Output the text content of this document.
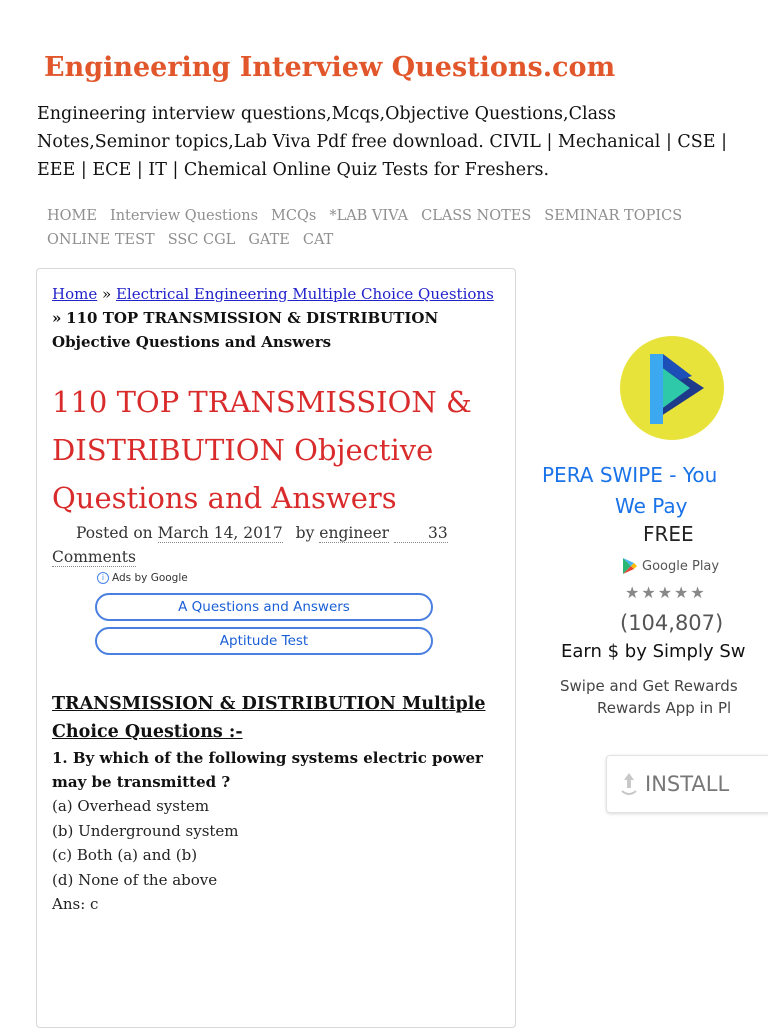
Engineering Interview Questions.com

Engineering interview questions,Mcqs,Objective Questions,Class Notes,Seminor topics,Lab Viva Pdf free download. CIVIL | Mechanical | CSE | EEE | ECE | IT | Chemical Online Quiz Tests for Freshers.

HOME Interview Questions MCQs *LAB VIVA CLASS NOTES SEMINAR TOPICSONLINE TEST SSC CGL GATE CAT
Home » Electrical Engineering Multiple Choice Questions » 110 TOP TRANSMISSION & DISTRIBUTION Objective Questions and Answers
110 TOP TRANSMISSION & DISTRIBUTION Objective Questions and Answers
Posted on March 14, 2017 by engineer	33
Comments
i Ads by Google
A Questions and Answers
Aptitude Test
TRANSMISSION & DISTRIBUTION Multiple Choice Questions :-
1. By which of the following systems electric power may be transmitted ?
(a) Overhead system
(b) Underground system
(c) Both (a) and (b)
(d) None of the above
Ans: c
PERA SWIPE - You
We Pay
FREE
Google Play
★★★★★
(104,807)
Earn $ by Simply Sw
Swipe and Get Rewards
Rewards App in Pl
INSTALL
